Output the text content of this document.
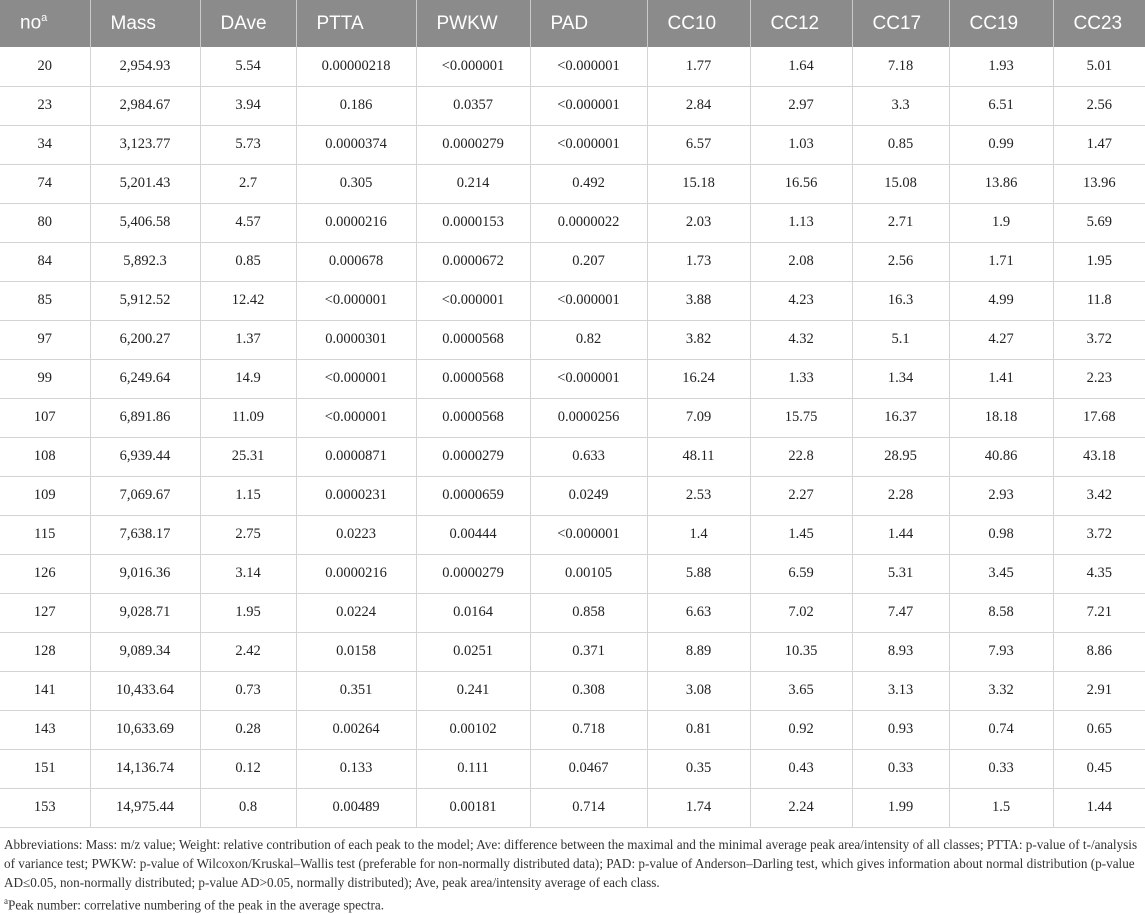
$no^a$	Mass	DAve	PTTA	PWKW	PAD	CC10	CC12	CC17	CC19	CC23
20	2,954.93	5.54	0.00000218	<0.000001	<0.000001	1.77	1.64	7.18	1.93	5.01
23	2,984.67	3.94	0.186	0.0357	<0.000001	2.84	2.97	3.3	6.51	2.56
34	3,123.77	5.73	0.0000374	0.0000279	<0.000001	6.57	1.03	0.85	0.99	1.47
74	5,201.43	2.7	0.305	0.214	0.492	15.18	16.56	15.08	13.86	13.96
80	5,406.58	4.57	0.0000216	0.0000153	0.0000022	2.03	1.13	2.71	1.9	5.69
84	5,892.3	0.85	0.000678	0.0000672	0.207	1.73	2.08	2.56	1.71	1.95
85	5,912.52	12.42	<0.000001	<0.000001	<0.000001	3.88	4.23	16.3	4.99	11.8
97	6,200.27	1.37	0.0000301	0.0000568	0.82	3.82	4.32	5.1	4.27	3.72
99	6,249.64	14.9	<0.000001	0.0000568	<0.000001	16.24	1.33	1.34	1.41	2.23
107	6,891.86	11.09	<0.000001	0.0000568	0.0000256	7.09	15.75	16.37	18.18	17.68
108	6,939.44	25.31	0.0000871	0.0000279	0.633	48.11	22.8	28.95	40.86	43.18
109	7,069.67	1.15	0.0000231	0.0000659	0.0249	2.53	2.27	2.28	2.93	3.42
115	7,638.17	2.75	0.0223	0.00444	<0.000001	1.4	1.45	1.44	0.98	3.72
126	9,016.36	3.14	0.0000216	0.0000279	0.00105	5.88	6.59	5.31	3.45	4.35
127	9,028.71	1.95	0.0224	0.0164	0.858	6.63	7.02	7.47	8.58	7.21
128	9,089.34	2.42	0.0158	0.0251	0.371	8.89	10.35	8.93	7.93	8.86
141	10,433.64	0.73	0.351	0.241	0.308	3.08	3.65	3.13	3.32	2.91
143	10,633.69	0.28	0.00264	0.00102	0.718	0.81	0.92	0.93	0.74	0.65
151	14,136.74	0.12	0.133	0.111	0.0467	0.35	0.43	0.33	0.33	0.45
153	14,975.44	0.8	0.00489	0.00181	0.714	1.74	2.24	1.99	1.5	1.44

Abbreviations: Mass: m/z value; Weight: relative contribution of each peak to the model; Ave: difference between the maximal and the minimal average peak area/intensity of all classes; PTTA: p-value of t-/analysis of variance test; PWKW: p-value of Wilcoxon/Kruskal–Wallis test (preferable for non-normally distributed data); PAD: p-value of Anderson–Darling test, which gives information about normal distribution (p-value AD≤0.05, non-normally distributed; p-value AD>0.05, normally distributed); Ave, peak area/intensity average of each class.

$^a$Peak number: correlative numbering of the peak in the average spectra.
